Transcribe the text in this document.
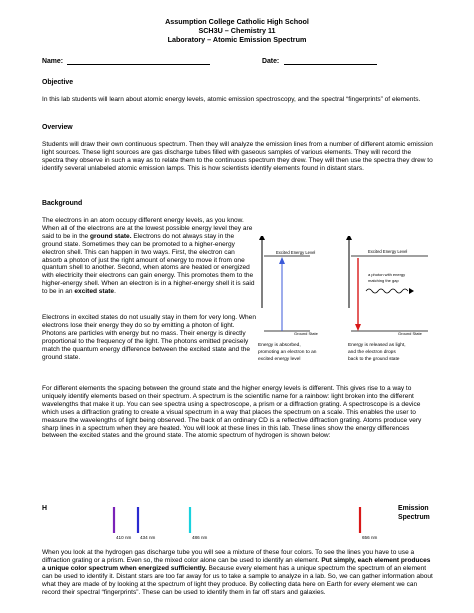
Assumption College Catholic High School
SCH3U – Chemistry 11
Laboratory – Atomic Emission Spectrum
Name:	Date:
Objective

In this lab students will learn about atomic energy levels, atomic emission spectroscopy, and the spectral “fingerprints” of elements.

Overview

Students will draw their own continuous spectrum. Then they will analyze the emission lines from a number of different atomic emission light sources. These light sources are gas discharge tubes filled with gaseous samples of various elements. They will record the spectra they observe in such a way as to relate them to the continuous spectrum they drew. They will then use the spectra they drew to identify several unlabeled atomic emission lamps. This is how scientists identify elements found in distant stars.

Background

The electrons in an atom occupy different energy levels, as you know. When all of the electrons are at the lowest possible energy level they are said to be in the ground state. Electrons do not always stay in the ground state. Sometimes they can be promoted to a higher-energy electron shell. This can happen in two ways. First, the electron can absorb a photon of just the right amount of energy to move it from one quantum shell to another. Second, when atoms are heated or energized with electricity their electrons can gain energy. This promotes them to the higher-energy shell. When an electron is in a higher-energy shell it is said to be in an excited state.

Electrons in excited states do not usually stay in them for very long. When electrons lose their energy they do so by emitting a photon of light. Photons are particles with energy but no mass. Their energy is directly proportional to the frequency of the light. The photons emitted precisely match the quantum energy difference between the excited state and the ground state.

For different elements the spacing between the ground state and the higher energy levels is different. This gives rise to a way to uniquely identify elements based on their spectrum. A spectrum is the scientific name for a rainbow: light broken into the different wavelengths that make it up. You can see spectra using a spectroscope, a prism or a diffraction grating. A spectroscope is a device which uses a diffraction grating to create a visual spectrum in a way that places the spectrum on a scale. This enables the user to measure the wavelengths of light being observed. The back of an ordinary CD is a reflective diffraction grating. Atoms produce very sharp lines in a spectrum when they are heated. You will look at these lines in this lab. These lines show the energy differences between the excited states and the ground state. The atomic spectrum of hydrogen is shown below:

Excited Energy Level
Ground State
Energy is absorbed,
promoting an electron to an
excited energy level
Excited Energy Level
Ground State
a photon with energy
matching the gap
Energy is released as light,
and the electron drops
back to the ground state
H	Emission
Spectrum
410 nm 434 nm	486 nm	656 nm

When you look at the hydrogen gas discharge tube you will see a mixture of these four colors. To see the lines you have to use a diffraction grating or a prism. Even so, the mixed color alone can be used to identify an element. Put simply, each element produces a unique color spectrum when energized sufficiently. Because every element has a unique spectrum the spectrum of an element can be used to identify it. Distant stars are too far away for us to take a sample to analyze in a lab. So, we can gather information about what they are made of by looking at the spectrum of light they produce. By collecting data here on Earth for every element we can record their spectral “fingerprints”. These can be used to identify them in far off stars and galaxies.
